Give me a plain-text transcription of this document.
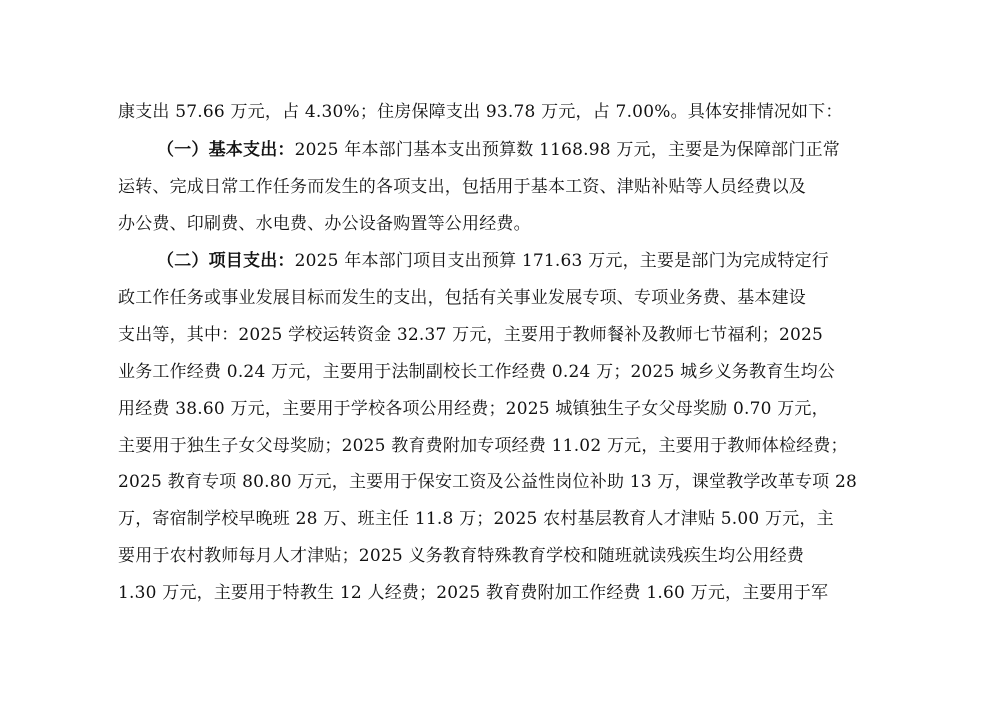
康支出 57.66 万元，占 4.30%；住房保障支出 93.78 万元，占 7.00%。具体安排情况如下：
（一）基本支出：2025 年本部门基本支出预算数 1168.98 万元，主要是为保障部门正常
运转、完成日常工作任务而发生的各项支出，包括用于基本工资、津贴补贴等人员经费以及
办公费、印刷费、水电费、办公设备购置等公用经费。
（二）项目支出：2025 年本部门项目支出预算 171.63 万元，主要是部门为完成特定行
政工作任务或事业发展目标而发生的支出，包括有关事业发展专项、专项业务费、基本建设
支出等，其中：2025 学校运转资金 32.37 万元，主要用于教师餐补及教师七节福利；2025
业务工作经费 0.24 万元，主要用于法制副校长工作经费 0.24 万；2025 城乡义务教育生均公
用经费 38.60 万元，主要用于学校各项公用经费；2025 城镇独生子女父母奖励 0.70 万元，
主要用于独生子女父母奖励；2025 教育费附加专项经费 11.02 万元，主要用于教师体检经费；
2025 教育专项 80.80 万元，主要用于保安工资及公益性岗位补助 13 万，课堂教学改革专项 28
万，寄宿制学校早晚班 28 万、班主任 11.8 万；2025 农村基层教育人才津贴 5.00 万元，主
要用于农村教师每月人才津贴；2025 义务教育特殊教育学校和随班就读残疾生均公用经费
1.30 万元，主要用于特教生 12 人经费；2025 教育费附加工作经费 1.60 万元，主要用于军
